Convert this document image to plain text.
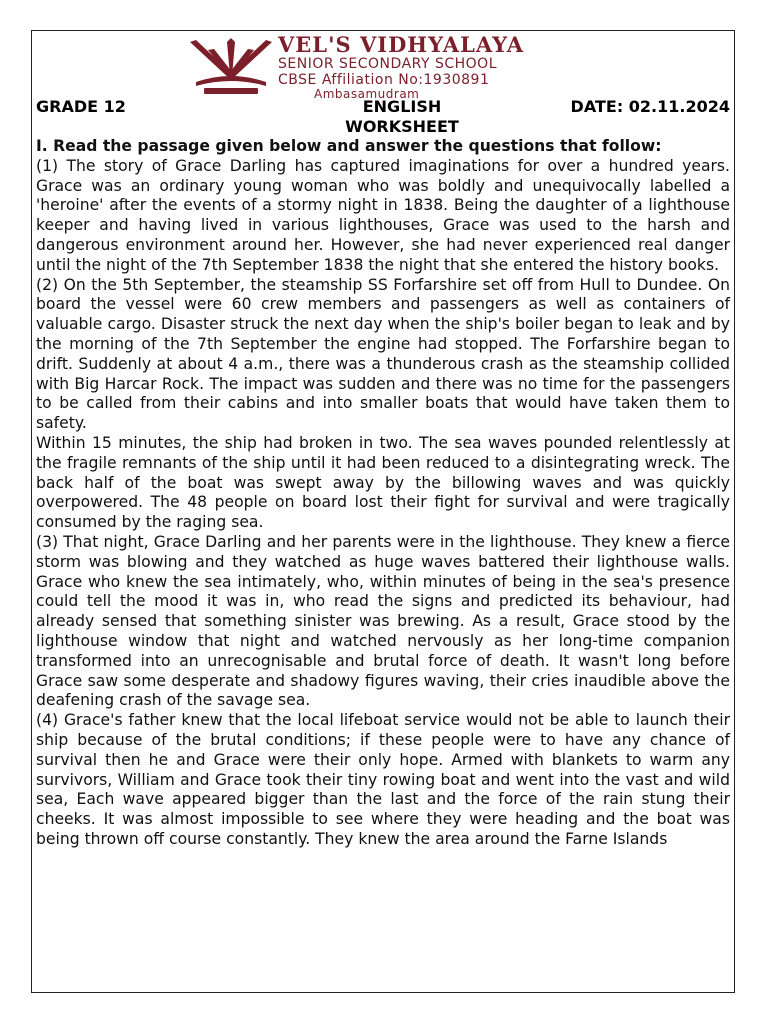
VEL'S VIDHYALAYA
SENIOR SECONDARY SCHOOL
CBSE Affiliation No:1930891
Ambasamudram
GRADE 12	ENGLISH WORKSHEET
DATE: 02.11.2024
I. Read the passage given below and answer the questions that follow:

(1) The story of Grace Darling has captured imaginations for over a hundred years. Grace was an ordinary young woman who was boldly and unequivocally labelled a 'heroine' after the events of a stormy night in 1838. Being the daughter of a lighthouse keeper and having lived in various lighthouses, Grace was used to the harsh and dangerous environment around her. However, she had never experienced real danger until the night of the 7th September 1838 the night that she entered the history books.

(2) On the 5th September, the steamship SS Forfarshire set off from Hull to Dundee. On board the vessel were 60 crew members and passengers as well as containers of valuable cargo. Disaster struck the next day when the ship's boiler began to leak and by the morning of the 7th September the engine had stopped. The Forfarshire began to drift. Suddenly at about 4 a.m., there was a thunderous crash as the steamship collided with Big Harcar Rock. The impact was sudden and there was no time for the passengers to be called from their cabins and into smaller boats that would have taken them to safety.

Within 15 minutes, the ship had broken in two. The sea waves pounded relentlessly at the fragile remnants of the ship until it had been reduced to a disintegrating wreck. The back half of the boat was swept away by the billowing waves and was quickly overpowered. The 48 people on board lost their fight for survival and were tragically consumed by the raging sea.

(3) That night, Grace Darling and her parents were in the lighthouse. They knew a fierce storm was blowing and they watched as huge waves battered their lighthouse walls. Grace who knew the sea intimately, who, within minutes of being in the sea's presence could tell the mood it was in, who read the signs and predicted its behaviour, had already sensed that something sinister was brewing. As a result, Grace stood by the lighthouse window that night and watched nervously as her long-time companion transformed into an unrecognisable and brutal force of death. It wasn't long before Grace saw some desperate and shadowy figures waving, their cries inaudible above the deafening crash of the savage sea.

(4) Grace's father knew that the local lifeboat service would not be able to launch their ship because of the brutal conditions; if these people were to have any chance of survival then he and Grace were their only hope. Armed with blankets to warm any survivors, William and Grace took their tiny rowing boat and went into the vast and wild sea, Each wave appeared bigger than the last and the force of the rain stung their cheeks. It was almost impossible to see where they were heading and the boat was being thrown off course constantly. They knew the area around the Farne Islands
